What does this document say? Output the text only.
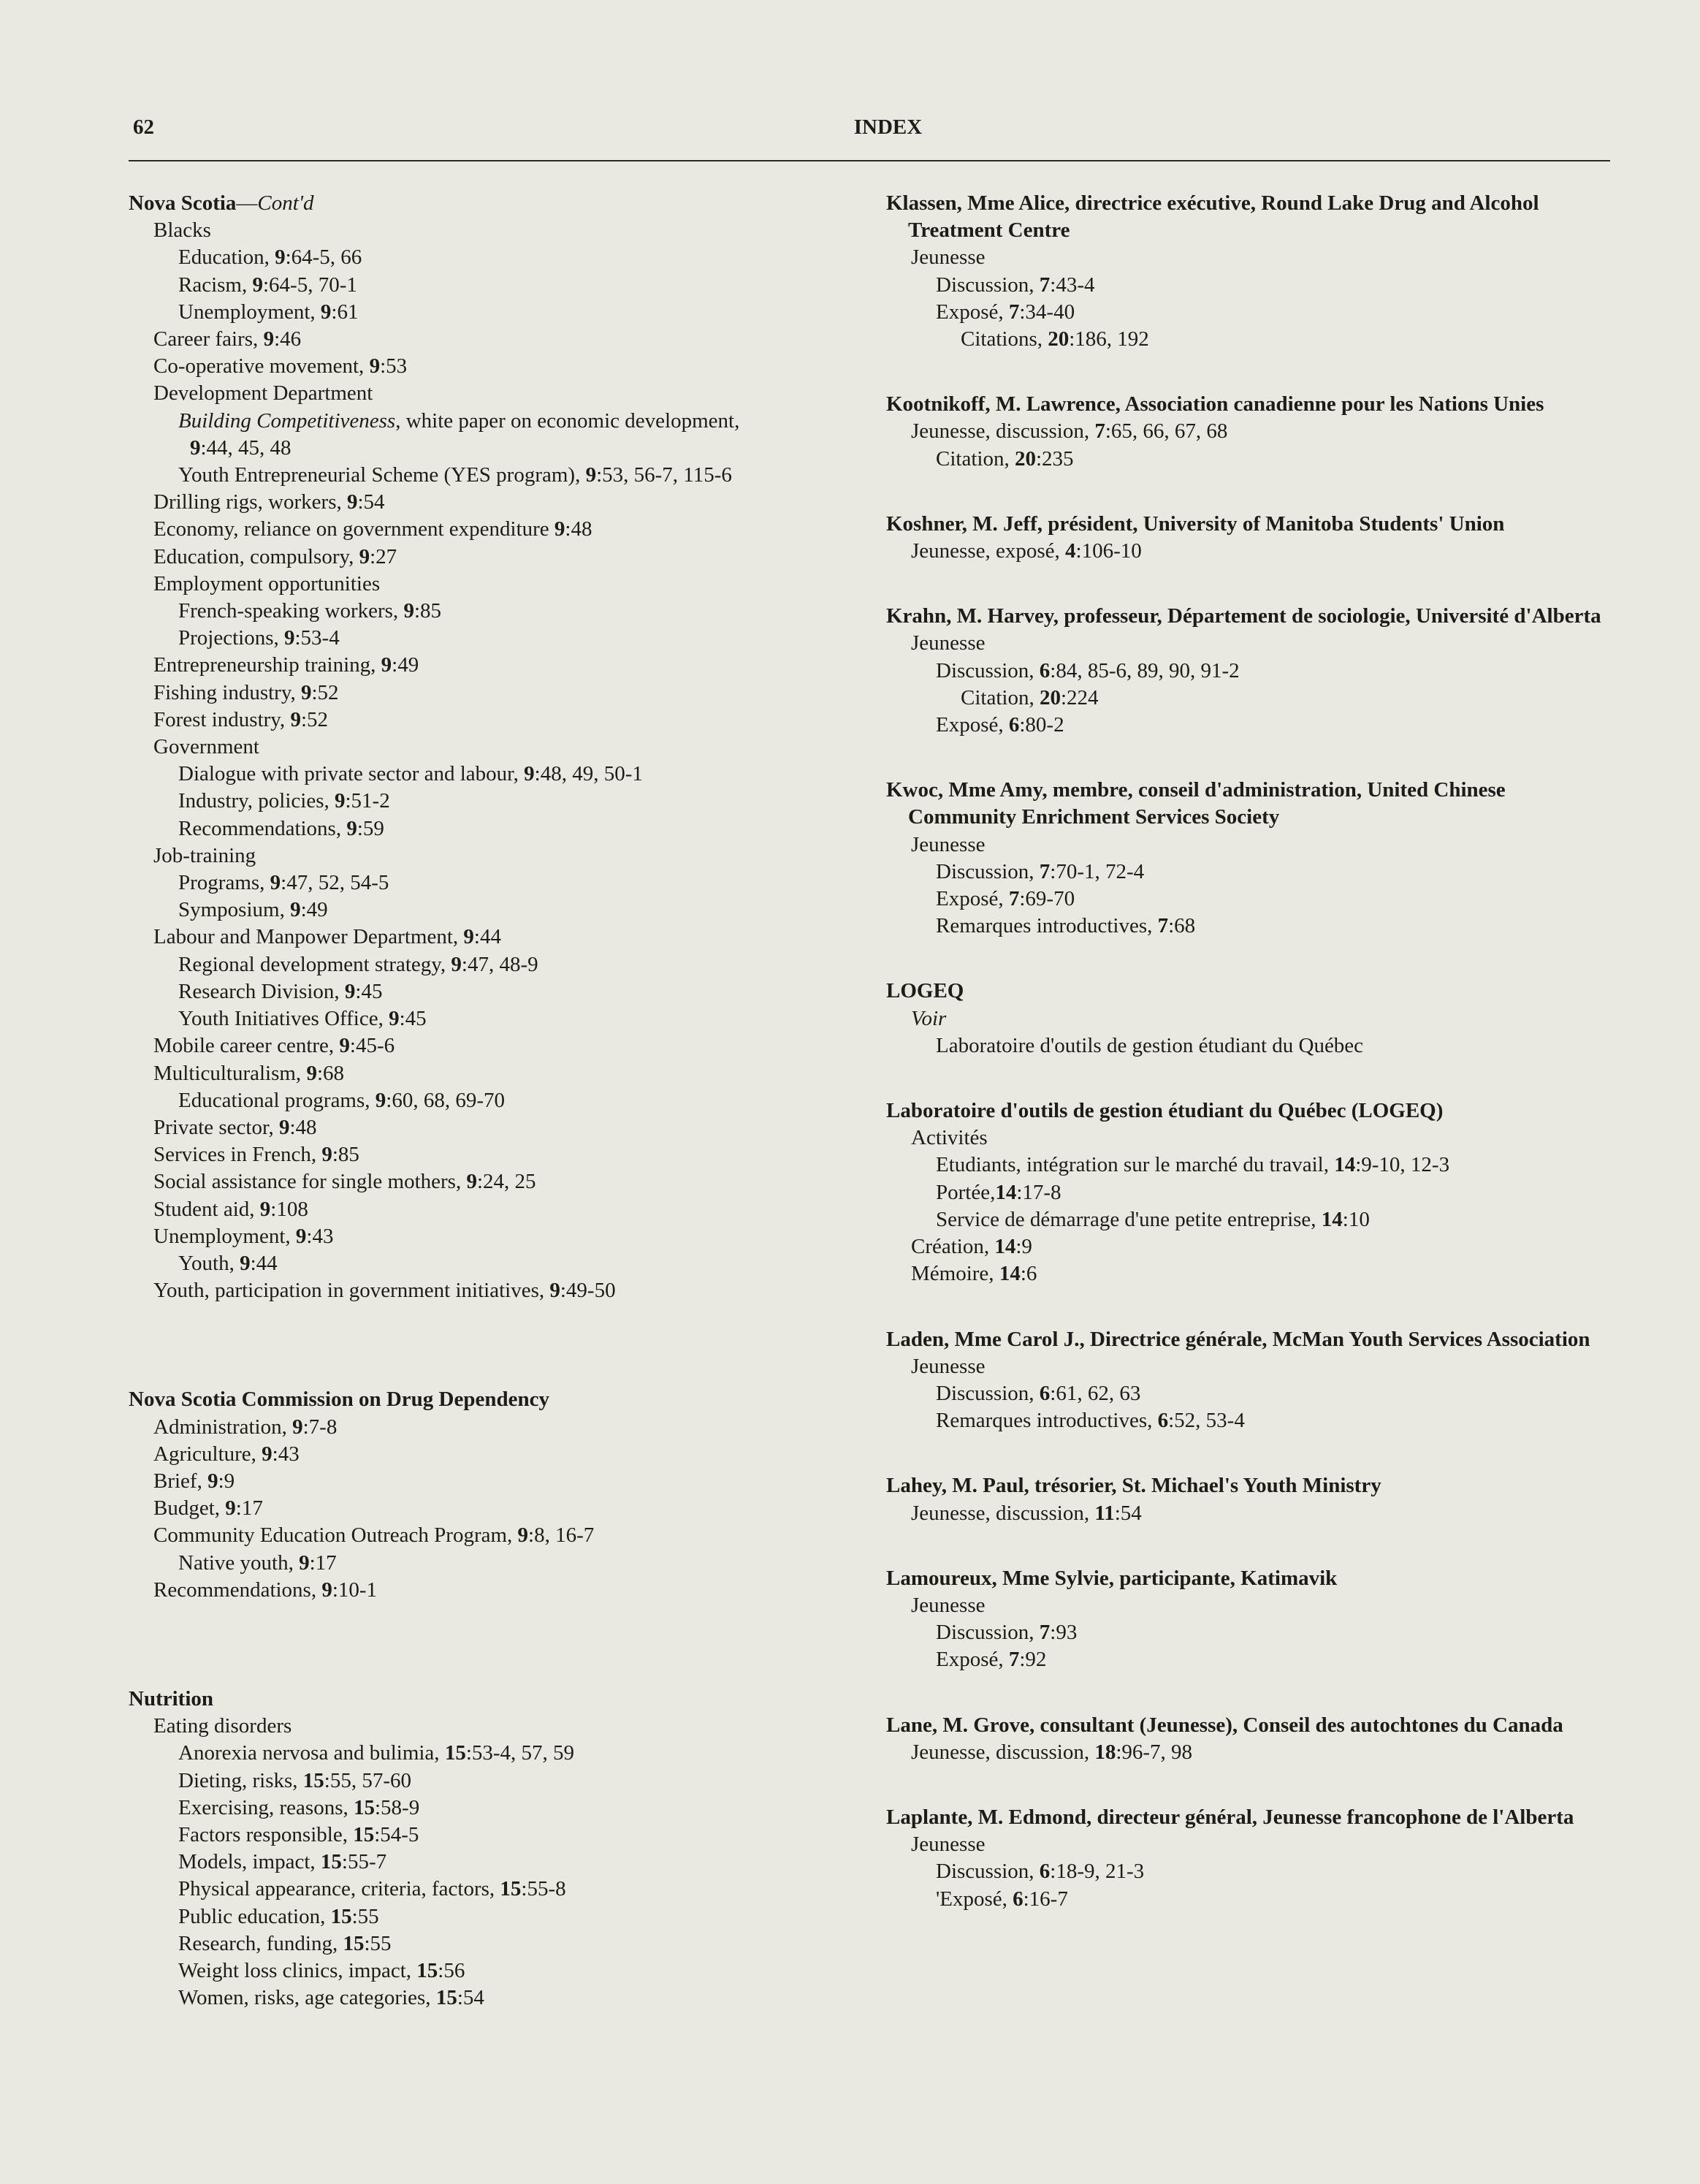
62	INDEX
Nova Scotia—Cont'd
Blacks
Education, 9:64-5, 66
Racism, 9:64-5, 70-1
Unemployment, 9:61
Career fairs, 9:46
Co-operative movement, 9:53
Development Department
Building Competitiveness, white paper on economic development,
9:44, 45, 48
Youth Entrepreneurial Scheme (YES program), 9:53, 56-7, 115-6
Drilling rigs, workers, 9:54
Economy, reliance on government expenditure 9:48
Education, compulsory, 9:27
Employment opportunities
French-speaking workers, 9:85
Projections, 9:53-4
Entrepreneurship training, 9:49
Fishing industry, 9:52
Forest industry, 9:52
Government
Dialogue with private sector and labour, 9:48, 49, 50-1
Industry, policies, 9:51-2
Recommendations, 9:59
Job-training
Programs, 9:47, 52, 54-5
Symposium, 9:49
Labour and Manpower Department, 9:44
Regional development strategy, 9:47, 48-9
Research Division, 9:45
Youth Initiatives Office, 9:45
Mobile career centre, 9:45-6
Multiculturalism, 9:68
Educational programs, 9:60, 68, 69-70
Private sector, 9:48
Services in French, 9:85
Social assistance for single mothers, 9:24, 25
Student aid, 9:108
Unemployment, 9:43
Youth, 9:44
Youth, participation in government initiatives, 9:49-50
Nova Scotia Commission on Drug Dependency
Administration, 9:7-8
Agriculture, 9:43
Brief, 9:9
Budget, 9:17
Community Education Outreach Program, 9:8, 16-7
Native youth, 9:17
Recommendations, 9:10-1
Nutrition
Eating disorders
Anorexia nervosa and bulimia, 15:53-4, 57, 59
Dieting, risks, 15:55, 57-60
Exercising, reasons, 15:58-9
Factors responsible, 15:54-5
Models, impact, 15:55-7
Physical appearance, criteria, factors, 15:55-8
Public education, 15:55
Research, funding, 15:55
Weight loss clinics, impact, 15:56
Women, risks, age categories, 15:54
Klassen, Mme Alice, directrice exécutive, Round Lake Drug and Alcohol Treatment Centre
Jeunesse
Discussion, 7:43-4
Exposé, 7:34-40
Citations, 20:186, 192
Kootnikoff, M. Lawrence, Association canadienne pour les Nations Unies
Jeunesse, discussion, 7:65, 66, 67, 68
Citation, 20:235
Koshner, M. Jeff, président, University of Manitoba Students' Union
Jeunesse, exposé, 4:106-10
Krahn, M. Harvey, professeur, Département de sociologie, Université d'Alberta
Jeunesse
Discussion, 6:84, 85-6, 89, 90, 91-2
Citation, 20:224
Exposé, 6:80-2
Kwoc, Mme Amy, membre, conseil d'administration, United Chinese Community Enrichment Services Society
Jeunesse
Discussion, 7:70-1, 72-4
Exposé, 7:69-70
Remarques introductives, 7:68
LOGEQ
Voir
Laboratoire d'outils de gestion étudiant du Québec
Laboratoire d'outils de gestion étudiant du Québec (LOGEQ)
Activités
Etudiants, intégration sur le marché du travail, 14:9-10, 12-3
Portée,14:17-8
Service de démarrage d'une petite entreprise, 14:10
Création, 14:9
Mémoire, 14:6
Laden, Mme Carol J., Directrice générale, McMan Youth Services Association
Jeunesse
Discussion, 6:61, 62, 63
Remarques introductives, 6:52, 53-4
Lahey, M. Paul, trésorier, St. Michael's Youth Ministry
Jeunesse, discussion, 11:54
Lamoureux, Mme Sylvie, participante, Katimavik
Jeunesse
Discussion, 7:93
Exposé, 7:92
Lane, M. Grove, consultant (Jeunesse), Conseil des autochtones du Canada
Jeunesse, discussion, 18:96-7, 98
Laplante, M. Edmond, directeur général, Jeunesse francophone de l'Alberta
Jeunesse
Discussion, 6:18-9, 21-3
'Exposé, 6:16-7
